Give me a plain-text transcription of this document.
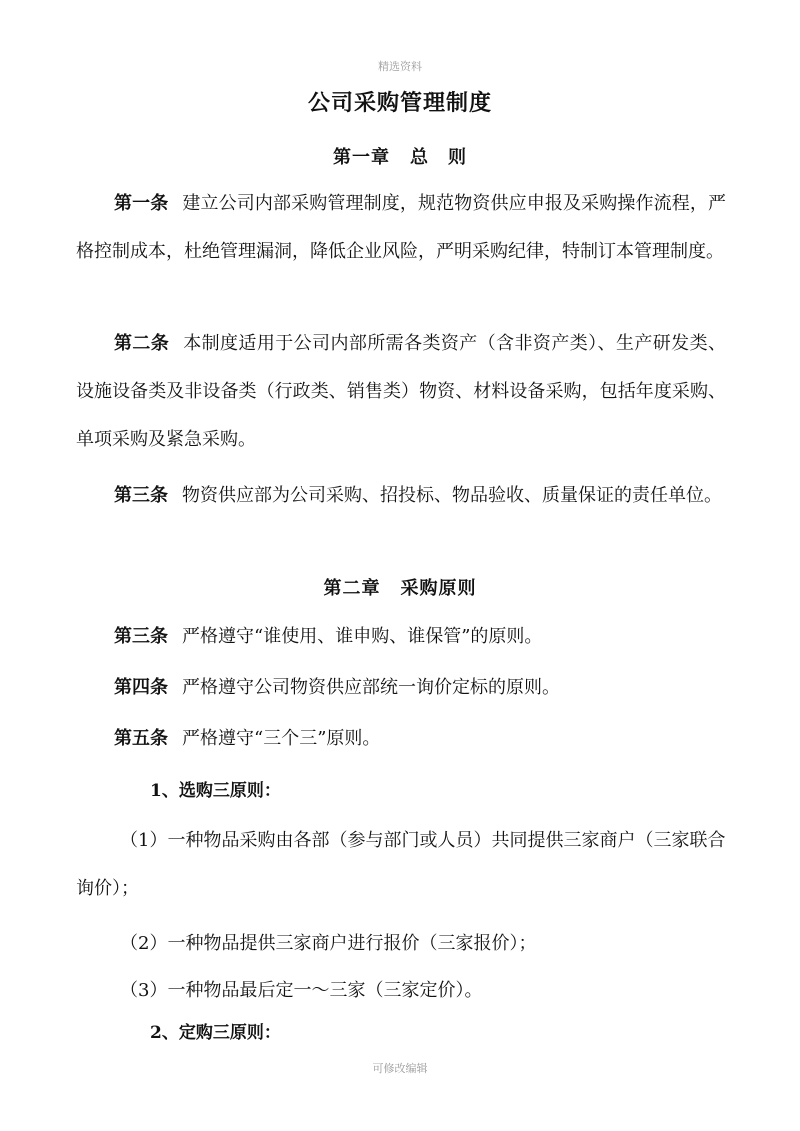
精选资料
公司采购管理制度
第一章 总　则
第一条 建立公司内部采购管理制度，规范物资供应申报及采购操作流程，严格控制成本，杜绝管理漏洞，降低企业风险，严明采购纪律，特制订本管理制度。
第二条 本制度适用于公司内部所需各类资产（含非资产类）、生产研发类、设施设备类及非设备类（行政类、销售类）物资、材料设备采购，包括年度采购、单项采购及紧急采购。
第三条 物资供应部为公司采购、招投标、物品验收、质量保证的责任单位。
第二章 采购原则
第三条 严格遵守“谁使用、谁申购、谁保管”的原则。
第四条 严格遵守公司物资供应部统一询价定标的原则。
第五条 严格遵守“三个三”原则。
1、选购三原则：
（1）一种物品采购由各部（参与部门或人员）共同提供三家商户（三家联合询价）；
（2）一种物品提供三家商户进行报价（三家报价）；
（3）一种物品最后定一～三家（三家定价）。
2、定购三原则：
可修改编辑
